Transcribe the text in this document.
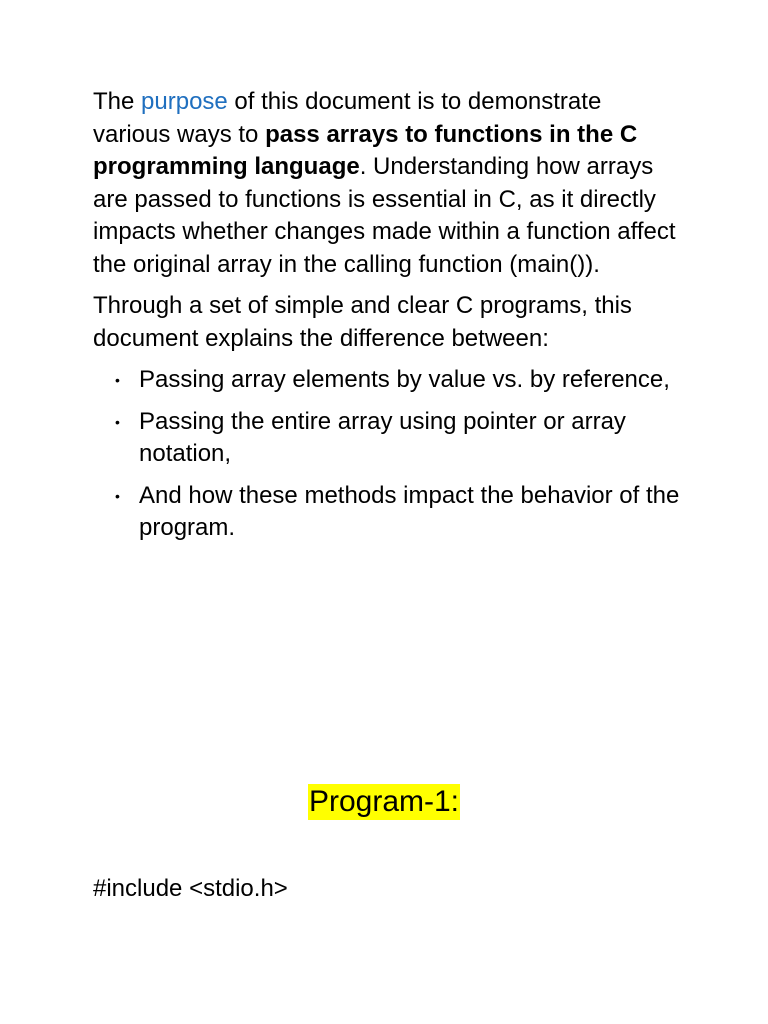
The purpose of this document is to demonstrate various ways to pass arrays to functions in the C programming language. Understanding how arrays are passed to functions is essential in C, as it directly impacts whether changes made within a function affect the original array in the calling function (main()).

Through a set of simple and clear C programs, this document explains the difference between:

• Passing array elements by value vs. by reference,
• Passing the entire array using pointer or array notation,
• And how these methods impact the behavior of the program.
Program-1:
#include <stdio.h>
